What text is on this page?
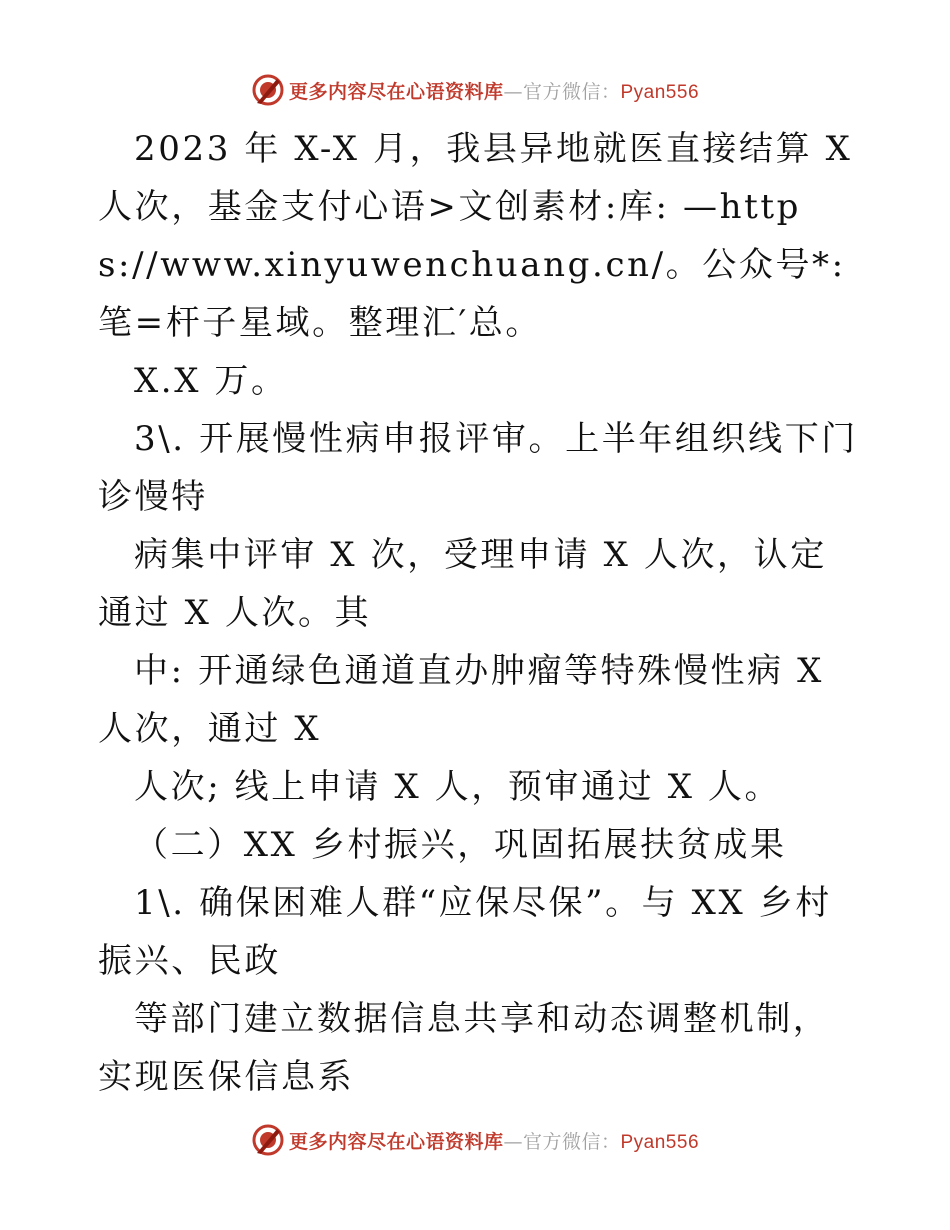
更多内容尽在心语资料库—官方微信：Pyan556

2023 年 X-X 月，我县异地就医直接结算 X 人次，基金支付心语>文创素材:库: —https://www.xinyuwenchuang.cn/。公众号*: 笔=杆子星域。整理汇′总。

X.X 万。

3\. 开展慢性病申报评审。上半年组织线下门诊慢特

病集中评审 X 次，受理申请 X 人次，认定通过 X 人次。其

中: 开通绿色通道直办肿瘤等特殊慢性病 X 人次，通过 X

人次; 线上申请 X 人，预审通过 X 人。

（二）XX 乡村振兴，巩固拓展扶贫成果

1\. 确保困难人群“应保尽保”。与 XX 乡村振兴、民政

等部门建立数据信息共享和动态调整机制，实现医保信息系

更多内容尽在心语资料库—官方微信：Pyan556
